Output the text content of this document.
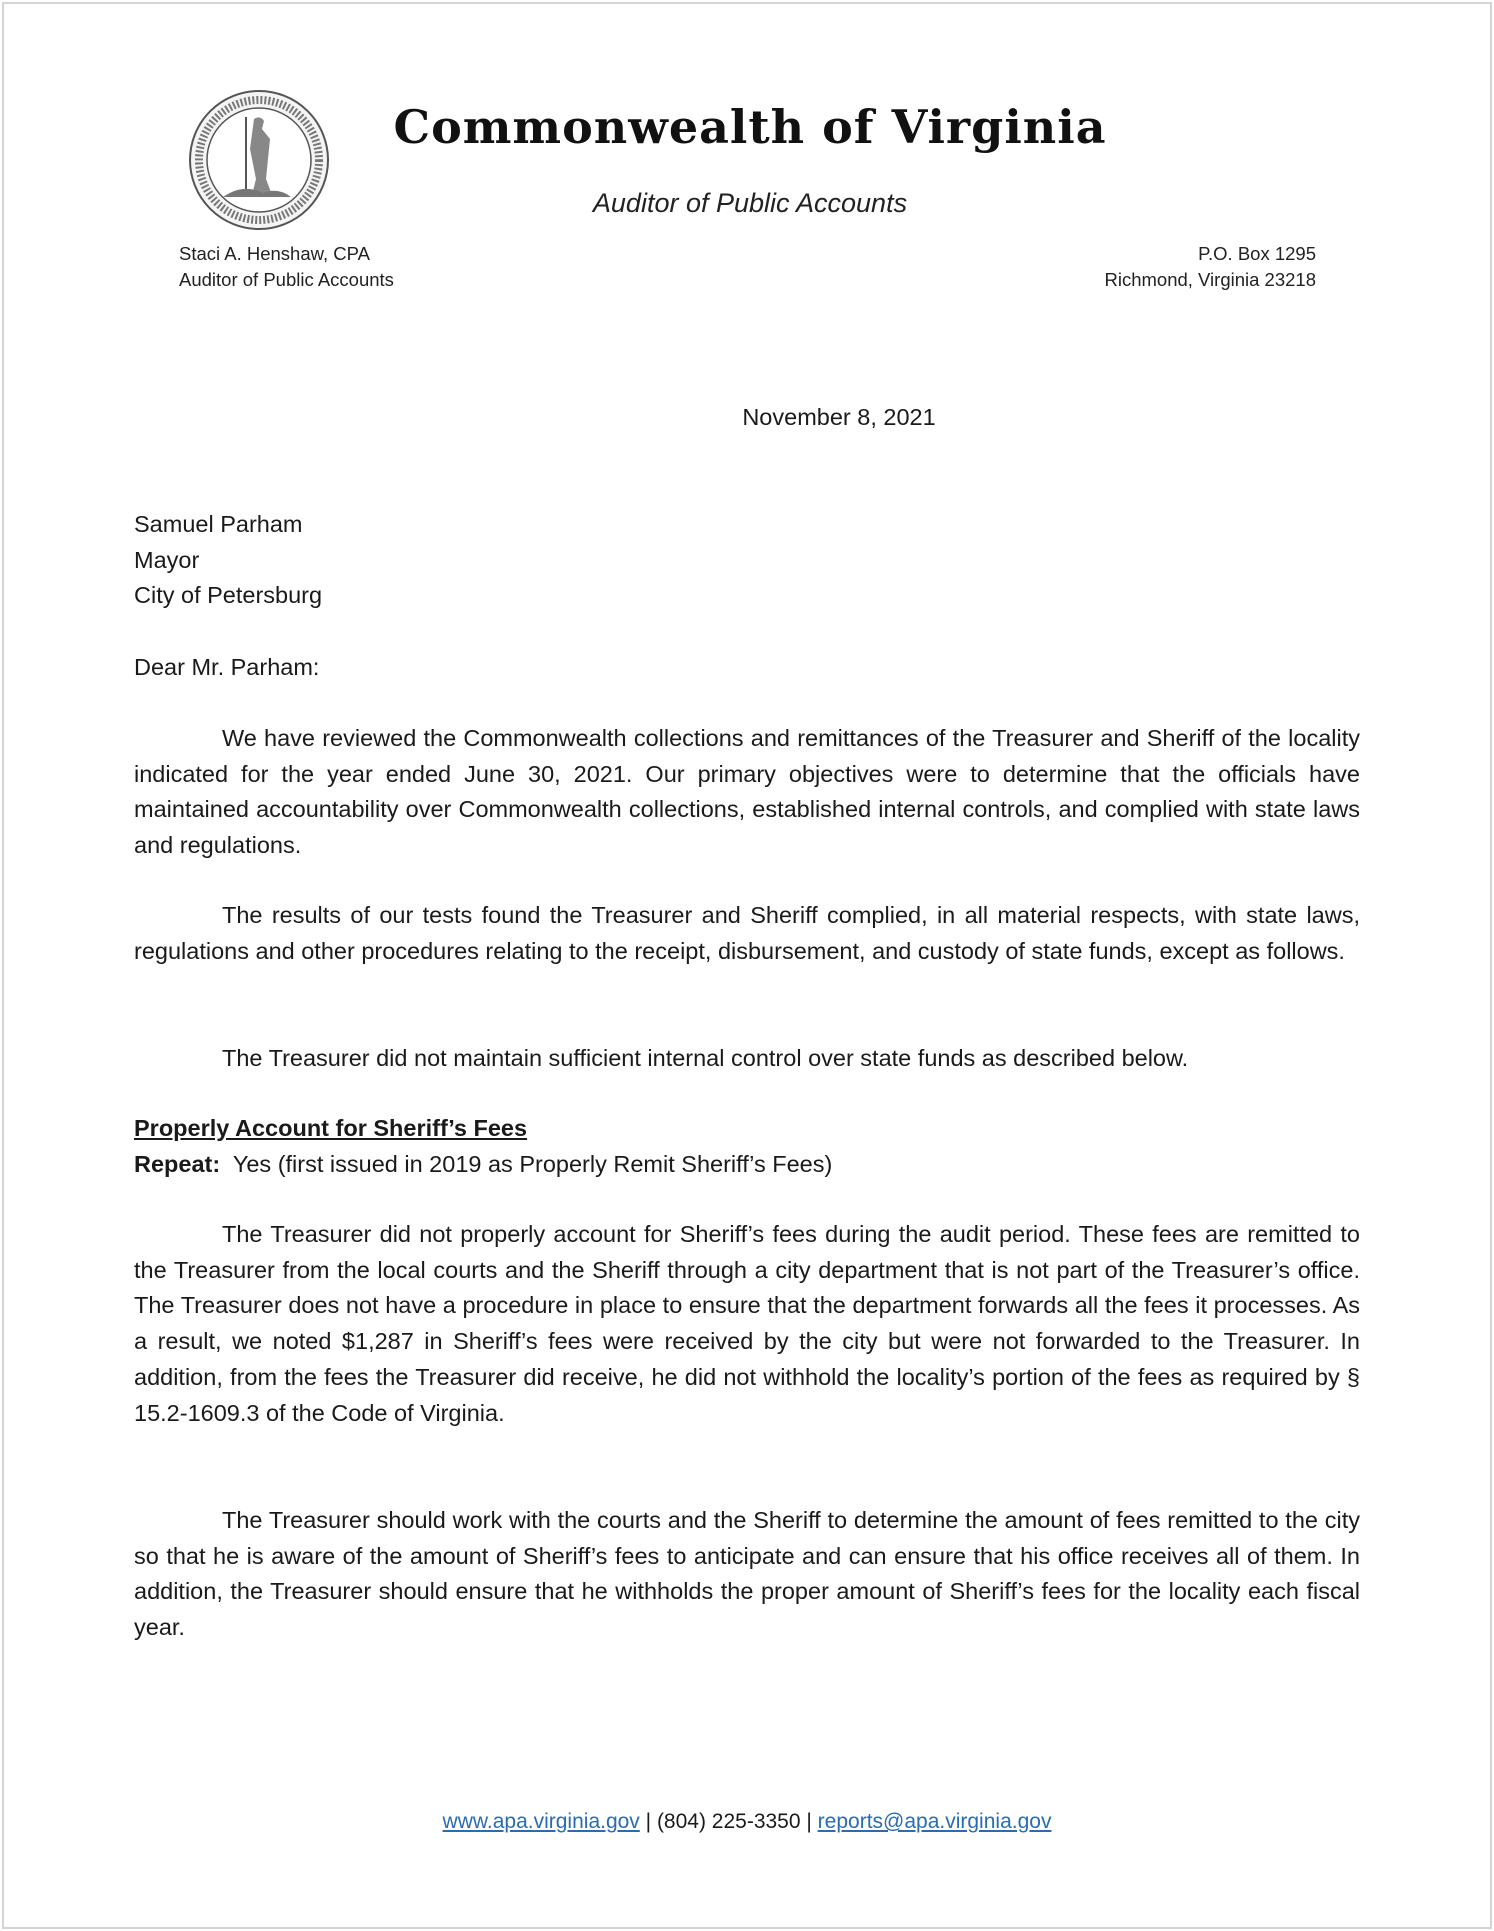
Commonwealth of Virginia
Auditor of Public Accounts
Staci A. Henshaw, CPA
Auditor of Public Accounts
P.O. Box 1295
Richmond, Virginia 23218
November 8, 2021
Samuel Parham
Mayor
City of Petersburg
Dear Mr. Parham:
We have reviewed the Commonwealth collections and remittances of the Treasurer and Sheriff of the locality indicated for the year ended June 30, 2021. Our primary objectives were to determine that the officials have maintained accountability over Commonwealth collections, established internal controls, and complied with state laws and regulations.
The results of our tests found the Treasurer and Sheriff complied, in all material respects, with state laws, regulations and other procedures relating to the receipt, disbursement, and custody of state funds, except as follows.
The Treasurer did not maintain sufficient internal control over state funds as described below.
Properly Account for Sheriff’s Fees
Repeat: Yes (first issued in 2019 as Properly Remit Sheriff’s Fees)
The Treasurer did not properly account for Sheriff’s fees during the audit period. These fees are remitted to the Treasurer from the local courts and the Sheriff through a city department that is not part of the Treasurer’s office. The Treasurer does not have a procedure in place to ensure that the department forwards all the fees it processes. As a result, we noted $1,287 in Sheriff’s fees were received by the city but were not forwarded to the Treasurer. In addition, from the fees the Treasurer did receive, he did not withhold the locality’s portion of the fees as required by § 15.2-1609.3 of the Code of Virginia.
The Treasurer should work with the courts and the Sheriff to determine the amount of fees remitted to the city so that he is aware of the amount of Sheriff’s fees to anticipate and can ensure that his office receives all of them. In addition, the Treasurer should ensure that he withholds the proper amount of Sheriff’s fees for the locality each fiscal year.
www.apa.virginia.gov | (804) 225-3350 | reports@apa.virginia.gov
